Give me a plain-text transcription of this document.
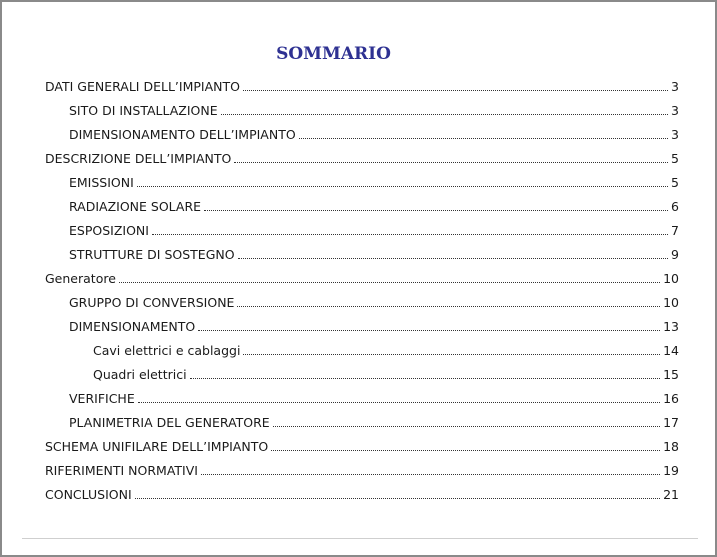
SOMMARIO
DATI GENERALI DELL’IMPIANTO	3
SITO DI INSTALLAZIONE	3
DIMENSIONAMENTO DELL’IMPIANTO	3
DESCRIZIONE DELL’IMPIANTO	5
EMISSIONI	5
RADIAZIONE SOLARE	6
ESPOSIZIONI	7
STRUTTURE DI SOSTEGNO	9
Generatore	10
GRUPPO DI CONVERSIONE	10
DIMENSIONAMENTO	13
Cavi elettrici e cablaggi	14
Quadri elettrici	15
VERIFICHE	16
PLANIMETRIA DEL GENERATORE	17
SCHEMA UNIFILARE DELL’IMPIANTO	18
RIFERIMENTI NORMATIVI	19
CONCLUSIONI	21
